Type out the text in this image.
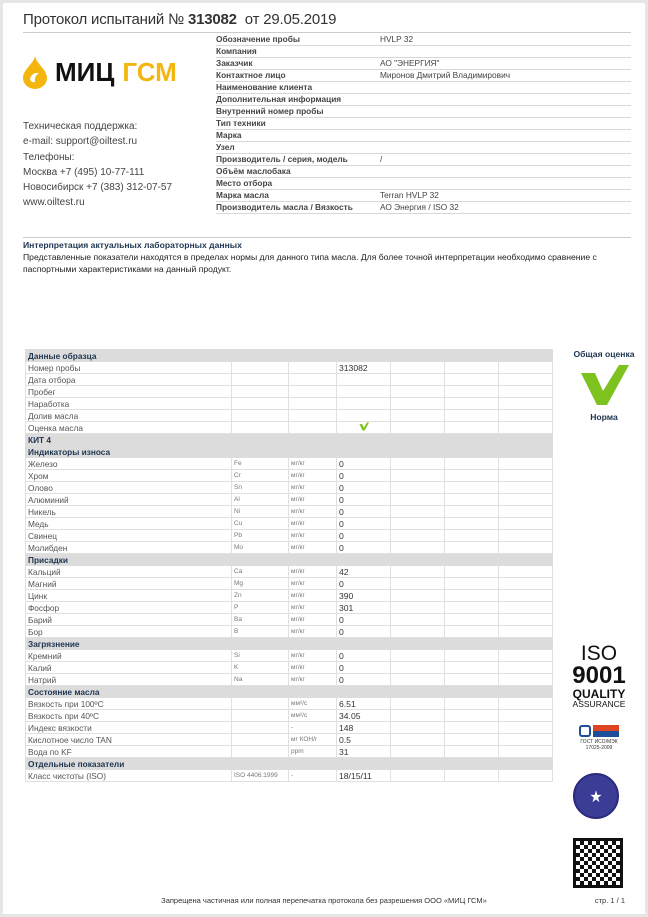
Протокол испытаний № 313082 от 29.05.2019
МИЦ ГСМ
Техническая поддержка:
e-mail: support@oiltest.ru
Телефоны:
Москва +7 (495) 10-77-111
Новосибирск +7 (383) 312-07-57
www.oiltest.ru
Обозначение пробы	HVLP 32
Компания
Заказчик	АО "ЭНЕРГИЯ"
Контактное лицо	Миронов Дмитрий Владимирович
Наименование клиента
Дополнительная информация
Внутренний номер пробы
Тип техники
Марка
Узел
Производитель / серия, модель	/
Объём маслобака
Место отбора
Марка масла	Terran HVLP 32
Производитель масла / Вязкость	АО Энергия / ISO 32
Интерпретация актуальных лабораторных данных
Представленные показатели находятся в пределах нормы для данного типа масла. Для более точной интерпретации необходимо сравнение с паспортными характеристиками на данный продукт.
Данные образца						
Номер пробы			313082			
Дата отбора						
Пробег						
Наработка						
Долив масла						
Оценка масла						
КИТ 4						
Индикаторы износа						
Железо	Fe	мг/кг	0			
Хром	Cr	мг/кг	0			
Олово	Sn	мг/кг	0			
Алюминий	Al	мг/кг	0			
Никель	Ni	мг/кг	0			
Медь	Cu	мг/кг	0			
Свинец	Pb	мг/кг	0			
Молибден	Mo	мг/кг	0			
Присадки						
Кальций	Ca	мг/кг	42			
Магний	Mg	мг/кг	0			
Цинк	Zn	мг/кг	390			
Фосфор	P	мг/кг	301			
Барий	Ba	мг/кг	0			
Бор	B	мг/кг	0			
Загрязнение						
Кремний	Si	мг/кг	0			
Калий	K	мг/кг	0			
Натрий	Na	мг/кг	0			
Состояние масла						
Вязкость при 100ºC		мм²/с	6.51			
Вязкость при 40ºC		мм²/с	34.05			
Индекс вязкости		-	148			
Кислотное число TAN		мг КОН/г	0.5			
Вода по KF		ppm	31			
Отдельные показатели						
Класс чистоты (ISO)	ISO 4406:1999	-	18/15/11			
Общая оценка
Норма
ISO
9001
QUALITY
ASSURANCE
ГОСТ ИСО/МЭК 17025-2009
★
Запрещена частичная или полная перепечатка протокола без разрешения ООО «МИЦ ГСМ»	стр. 1 / 1
